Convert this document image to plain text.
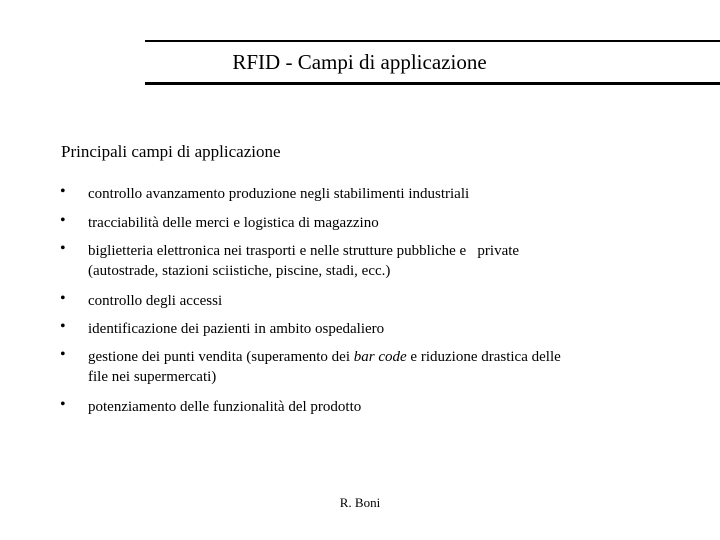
RFID - Campi di applicazione
Principali campi di applicazione
• controllo avanzamento produzione negli stabilimenti industriali
• tracciabilità delle merci e logistica di magazzino
• biglietteria elettronica nei trasporti e nelle strutture pubbliche e   private
(autostrade, stazioni sciistiche, piscine, stadi, ecc.)
• controllo degli accessi
• identificazione dei pazienti in ambito ospedaliero
• gestione dei punti vendita (superamento dei bar code e riduzione drastica delle
file nei supermercati)
• potenziamento delle funzionalità del prodotto
R. Boni
